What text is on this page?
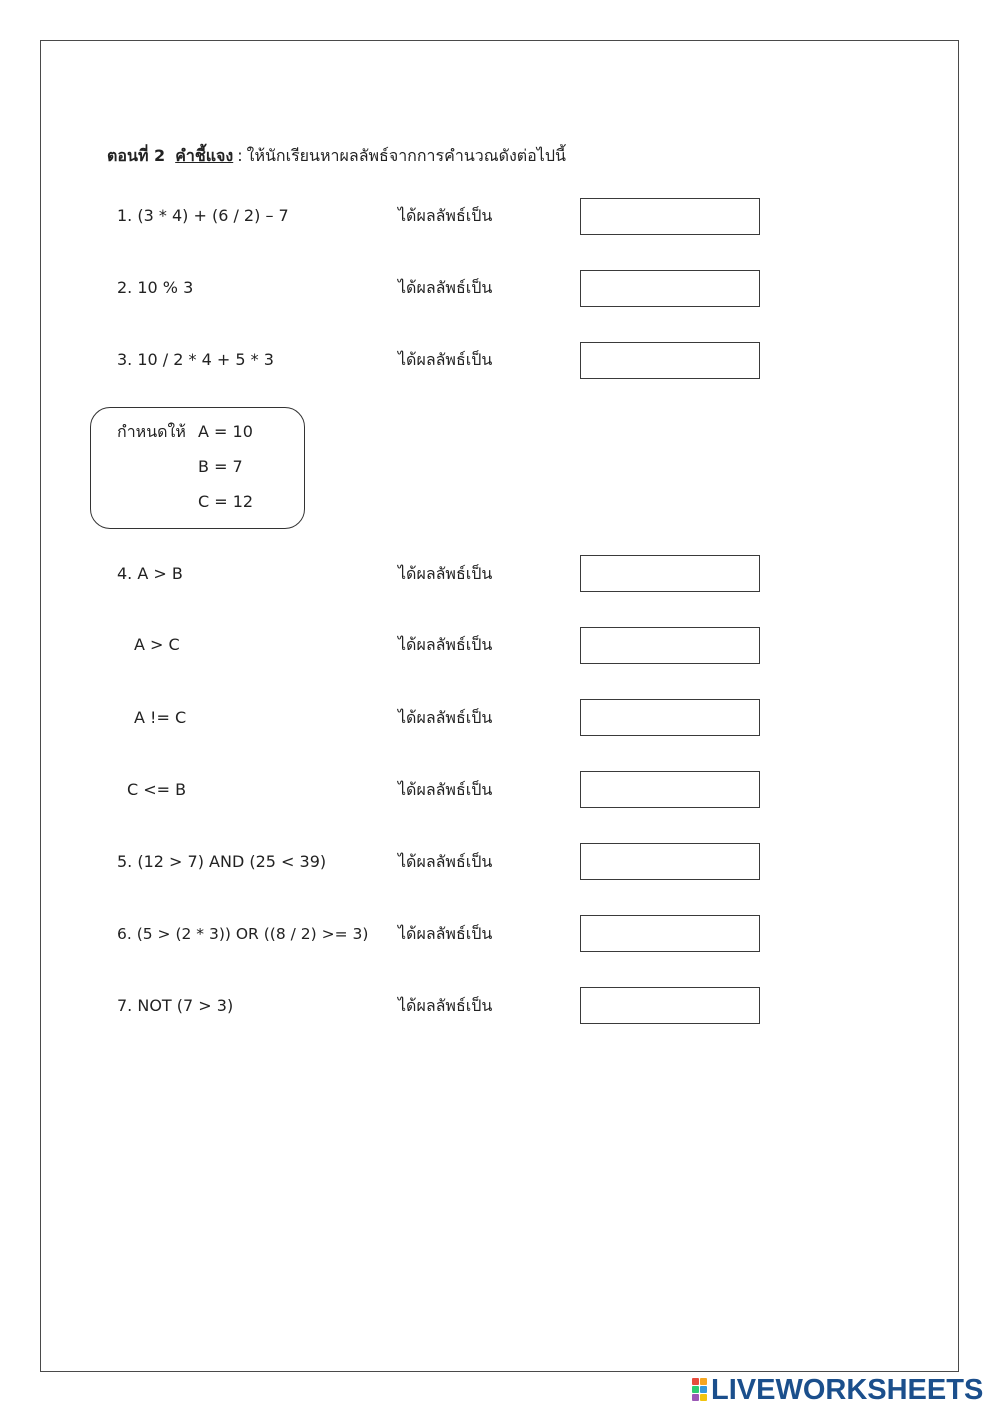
ตอนที่ 2 คำชี้แจง : ให้นักเรียนหาผลลัพธ์จากการคำนวณดังต่อไปนี้
1. (3 * 4) + (6 / 2) – 7	ได้ผลลัพธ์เป็น
2. 10 % 3	ได้ผลลัพธ์เป็น
3. 10 / 2 * 4 + 5 * 3	ได้ผลลัพธ์เป็น
กำหนดให้ A = 10
B = 7
C = 12
4. A > B	ได้ผลลัพธ์เป็น
A > C	ได้ผลลัพธ์เป็น
A != C	ได้ผลลัพธ์เป็น
C <= B	ได้ผลลัพธ์เป็น
5. (12 > 7) AND (25 < 39)	ได้ผลลัพธ์เป็น
6. (5 > (2 * 3)) OR ((8 / 2) >= 3) ได้ผลลัพธ์เป็น
7. NOT (7 > 3)	ได้ผลลัพธ์เป็น
LIVEWORKSHEETS
